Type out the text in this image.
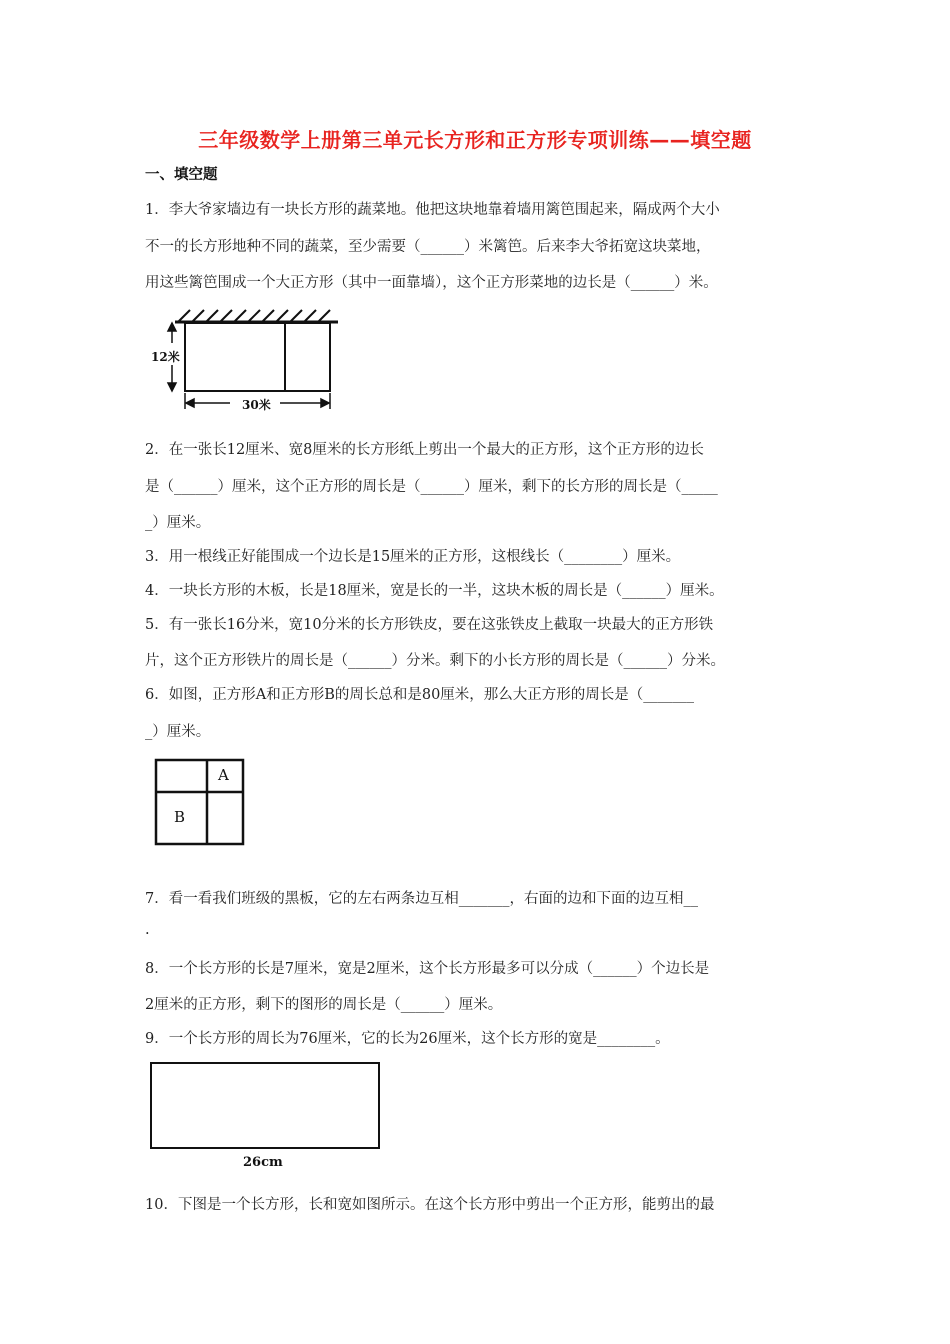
三年级数学上册第三单元长方形和正方形专项训练——填空题
一、填空题
1．李大爷家墙边有一块长方形的蔬菜地。他把这块地靠着墙用篱笆围起来，隔成两个大小
不一的长方形地种不同的蔬菜，至少需要（______）米篱笆。后来李大爷拓宽这块菜地，
用这些篱笆围成一个大正方形（其中一面靠墙），这个正方形菜地的边长是（______）米。
12米
30米
2．在一张长12厘米、宽8厘米的长方形纸上剪出一个最大的正方形，这个正方形的边长
是（______）厘米，这个正方形的周长是（______）厘米，剩下的长方形的周长是（_____
_）厘米。
3．用一根线正好能围成一个边长是15厘米的正方形，这根线长（________）厘米。
4．一块长方形的木板，长是18厘米，宽是长的一半，这块木板的周长是（______）厘米。
5．有一张长16分米，宽10分米的长方形铁皮，要在这张铁皮上截取一块最大的正方形铁
片，这个正方形铁片的周长是（______）分米。剩下的小长方形的周长是（______）分米。
6．如图，正方形A和正方形B的周长总和是80厘米，那么大正方形的周长是（_______
_）厘米。
A
B
7．看一看我们班级的黑板，它的左右两条边互相_______，右面的边和下面的边互相__
.
8．一个长方形的长是7厘米，宽是2厘米，这个长方形最多可以分成（______）个边长是
2厘米的正方形，剩下的图形的周长是（______）厘米。
9．一个长方形的周长为76厘米，它的长为26厘米，这个长方形的宽是________。
26cm
10．下图是一个长方形，长和宽如图所示。在这个长方形中剪出一个正方形，能剪出的最
